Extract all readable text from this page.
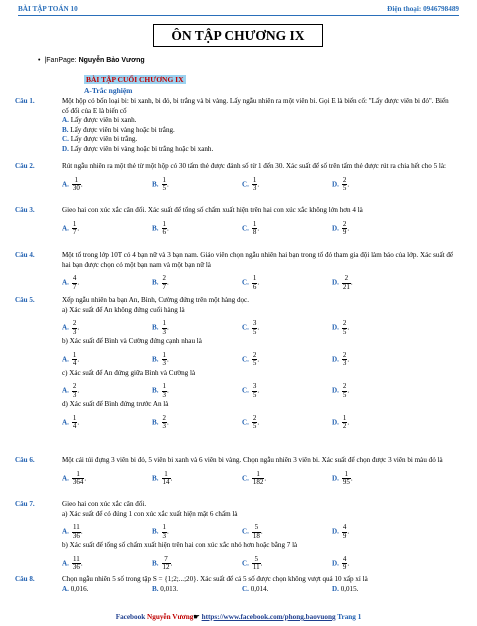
BÀI TẬP TOÁN 10	Điện thoại: 0946798489
ÔN TẬP CHƯƠNG IX
• |FanPage: Nguyễn Bảo Vương
BÀI TẬP CUỐI CHƯƠNG IX
A-Trắc nghiệm
Câu 1.	Một hộp có bốn loại bi: bi xanh, bi đỏ, bi trắng và bi vàng. Lấy ngẫu nhiên ra một viên bi. Gọi E là biến cố: "Lấy được viên bi đỏ". Biến cố đối của E là biến cố
A. Lấy được viên bi xanh.
B. Lấy được viên bi vàng hoặc bi trắng.
C. Lấy được viên bi trắng.
D. Lấy được viên bi vàng hoặc bi trắng hoặc bi xanh.
Câu 2.	Rút ngẫu nhiên ra một thẻ từ một hộp có 30 tấm thẻ được đánh số từ 1 đến 30. Xác suất để số trên tấm thẻ được rút ra chia hết cho 5 là:
A. $\frac{1}{30}$ .	B. $\frac{1}{5}$ .	C. $\frac{1}{3}$ .	D. $\frac{2}{5}$ .
Câu 3.	Gieo hai con xúc xắc cân đối. Xác suất để tổng số chấm xuất hiện trên hai con xúc xắc không lớn hơn 4 là
A. $\frac{1}{7}$ .	B. $\frac{1}{6}$ .	C. $\frac{1}{8}$ .	D. $\frac{2}{9}$ .
Câu 4.	Một tổ trong lớp 10T có 4 bạn nữ và 3 bạn nam. Giáo viên chọn ngẫu nhiên hai bạn trong tổ đó tham gia đội làm báo của lớp. Xác suất để hai bạn được chọn có một bạn nam và một bạn nữ là
A. $\frac{4}{7}$ .	B. $\frac{2}{7}$ .	C. $\frac{1}{6}$ .	D. $\frac{2}{21}$ .
Câu 5.	Xếp ngẫu nhiên ba bạn An, Bình, Cường đứng trên một hàng dọc.
a) Xác suất để An không đứng cuối hàng là
A. $\frac{2}{3}$ .	B. $\frac{1}{3}$ .	C. $\frac{3}{5}$ .	D. $\frac{2}{5}$ .
b) Xác suất để Bình và Cường đứng cạnh nhau là
A. $\frac{1}{4}$ .	B. $\frac{1}{3}$ .	C. $\frac{2}{5}$ .	D. $\frac{2}{3}$ .
c) Xác suất để An đứng giữa Bình và Cường là
A. $\frac{2}{3}$ .	B. $\frac{1}{3}$ .	C. $\frac{3}{5}$ .	D. $\frac{2}{5}$ .
d) Xác suất để Bình đứng trước An là
A. $\frac{1}{4}$ .	B. $\frac{2}{3}$ .	C. $\frac{2}{5}$ .	D. $\frac{1}{2}$ .
Câu 6.	Một cái túi đựng 3 viên bi đỏ, 5 viên bi xanh và 6 viên bi vàng. Chọn ngẫu nhiên 3 viên bi. Xác suất để chọn được 3 viên bi màu đỏ là
A. $\frac{1}{364}$ .	B. $\frac{1}{14}$ .	C. $\frac{1}{182}$ .	D. $\frac{1}{95}$ .
Câu 7.	Gieo hai con xúc xắc cân đối.
a) Xác suất để có đúng 1 con xúc xắc xuất hiện mặt 6 chấm là
A. $\frac{11}{36}$ .	B. $\frac{1}{3}$ .	C. $\frac{5}{18}$ .	D. $\frac{4}{9}$ .
b) Xác suất để tổng số chấm xuất hiện trên hai con xúc xắc nhỏ hơn hoặc bằng 7 là
A. $\frac{11}{36}$ .	B. $\frac{7}{12}$ .	C. $\frac{5}{11}$ .	D. $\frac{4}{9}$ .
Câu 8.	Chọn ngẫu nhiên 5 số trong tập S = {1;2;...;20}. Xác suất để cả 5 số được chọn không vượt quá 10 xấp xỉ là
A. 0,016.	B. 0,013.	C. 0,014.	D. 0,015.
Facebook Nguyễn Vương☛ https://www.facebook.com/phong.baovuong Trang 1
